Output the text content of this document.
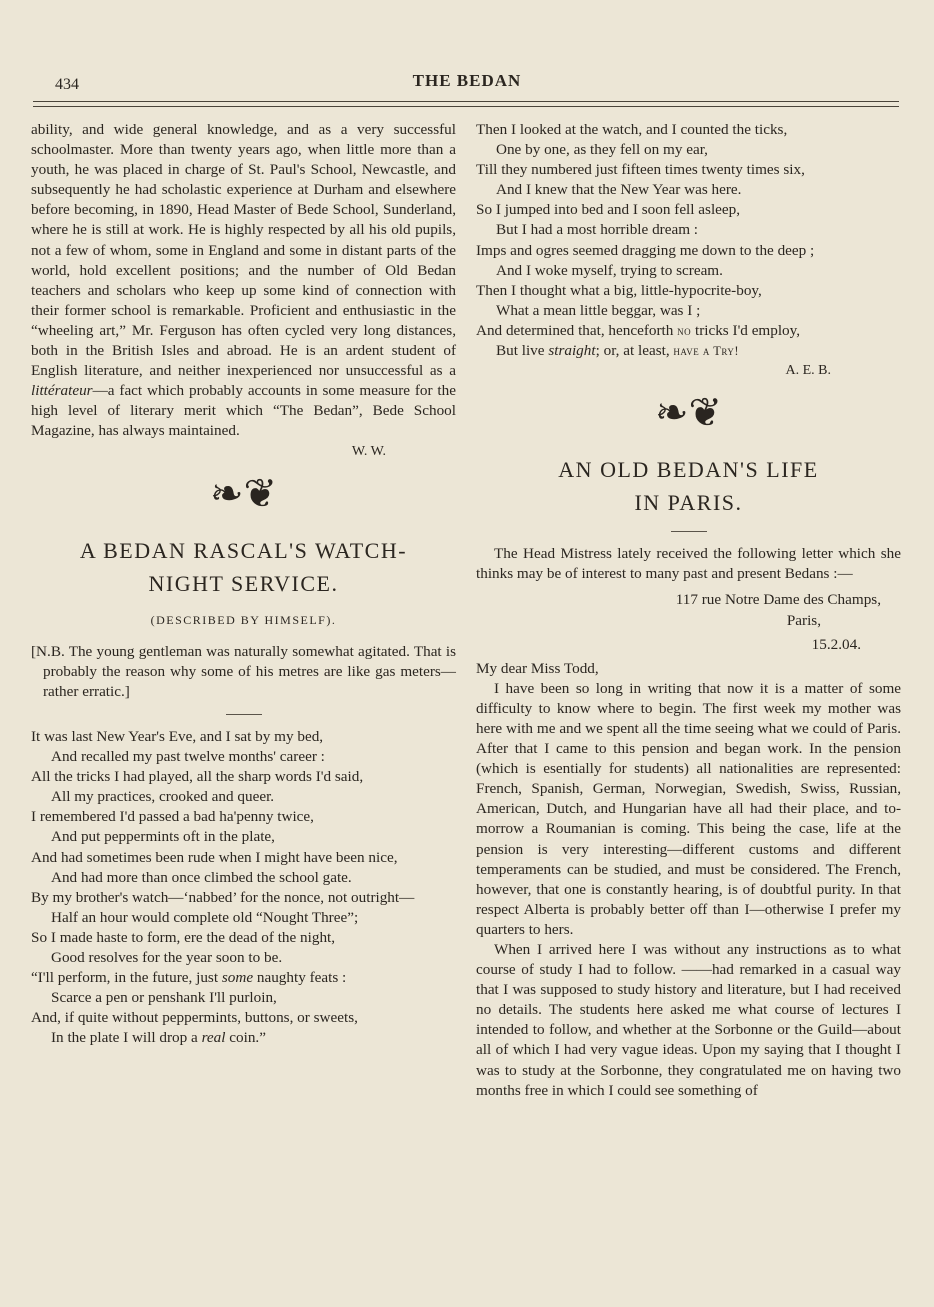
434	THE BEDAN

ability, and wide general knowledge, and as a very successful schoolmaster. More than twenty years ago, when little more than a youth, he was placed in charge of St. Paul's School, Newcastle, and subsequently he had scholastic experience at Durham and elsewhere before becoming, in 1890, Head Master of Bede School, Sunderland, where he is still at work. He is highly respected by all his old pupils, not a few of whom, some in England and some in distant parts of the world, hold excellent positions; and the number of Old Bedan teachers and scholars who keep up some kind of connection with their former school is remarkable. Proficient and enthusiastic in the “wheeling art,” Mr. Ferguson has often cycled very long distances, both in the British Isles and abroad. He is an ardent student of English literature, and neither inexperienced nor unsuccessful as a littérateur—a fact which probably accounts in some measure for the high level of literary merit which “The Bedan”, Bede School Magazine, has always maintained.

W. W.

❧❦
A BEDAN RASCAL'S WATCH-
NIGHT SERVICE.
(DESCRIBED BY HIMSELF).

[N.B. The young gentleman was naturally somewhat agitated. That is probably the reason why some of his metres are like gas meters—rather erratic.]

It was last New Year's Eve, and I sat by my bed,

And recalled my past twelve months' career :

All the tricks I had played, all the sharp words I'd said,

All my practices, crooked and queer.

I remembered I'd passed a bad ha'penny twice,

And put peppermints oft in the plate,

And had sometimes been rude when I might have been nice,

And had more than once climbed the school gate.

By my brother's watch—‘nabbed’ for the nonce, not outright—

Half an hour would complete old “Nought Three”;

So I made haste to form, ere the dead of the night,

Good resolves for the year soon to be.

“I'll perform, in the future, just some naughty feats :

Scarce a pen or penshank I'll purloin,

And, if quite without peppermints, buttons, or sweets,

In the plate I will drop a real coin.”

Then I looked at the watch, and I counted the ticks,

One by one, as they fell on my ear,

Till they numbered just fifteen times twenty times six,

And I knew that the New Year was here.

So I jumped into bed and I soon fell asleep,

But I had a most horrible dream :

Imps and ogres seemed dragging me down to the deep ;

And I woke myself, trying to scream.

Then I thought what a big, little-hypocrite-boy,

What a mean little beggar, was I ;

And determined that, henceforth no tricks I'd employ,

But live straight; or, at least, have a Try!

A. E. B.

❧❦
AN OLD BEDAN'S LIFE
IN PARIS.

The Head Mistress lately received the following letter which she thinks may be of interest to many past and present Bedans :—

117 rue Notre Dame des Champs,

Paris,

15.2.04.

My dear Miss Todd,

I have been so long in writing that now it is a matter of some difficulty to know where to begin. The first week my mother was here with me and we spent all the time seeing what we could of Paris. After that I came to this pension and began work. In the pension (which is esentially for students) all nationalities are represented: French, Spanish, German, Norwegian, Swedish, Swiss, Russian, American, Dutch, and Hungarian have all had their place, and to-morrow a Roumanian is coming. This being the case, life at the pension is very interesting—different customs and different temperaments can be studied, and must be considered. The French, however, that one is constantly hearing, is of doubtful purity. In that respect Alberta is probably better off than I—otherwise I prefer my quarters to hers.

When I arrived here I was without any instructions as to what course of study I had to follow. ——had remarked in a casual way that I was supposed to study history and literature, but I had received no details. The students here asked me what course of lectures I intended to follow, and whether at the Sorbonne or the Guild—about all of which I had very vague ideas. Upon my saying that I thought I was to study at the Sorbonne, they congratulated me on having two months free in which I could see something of
